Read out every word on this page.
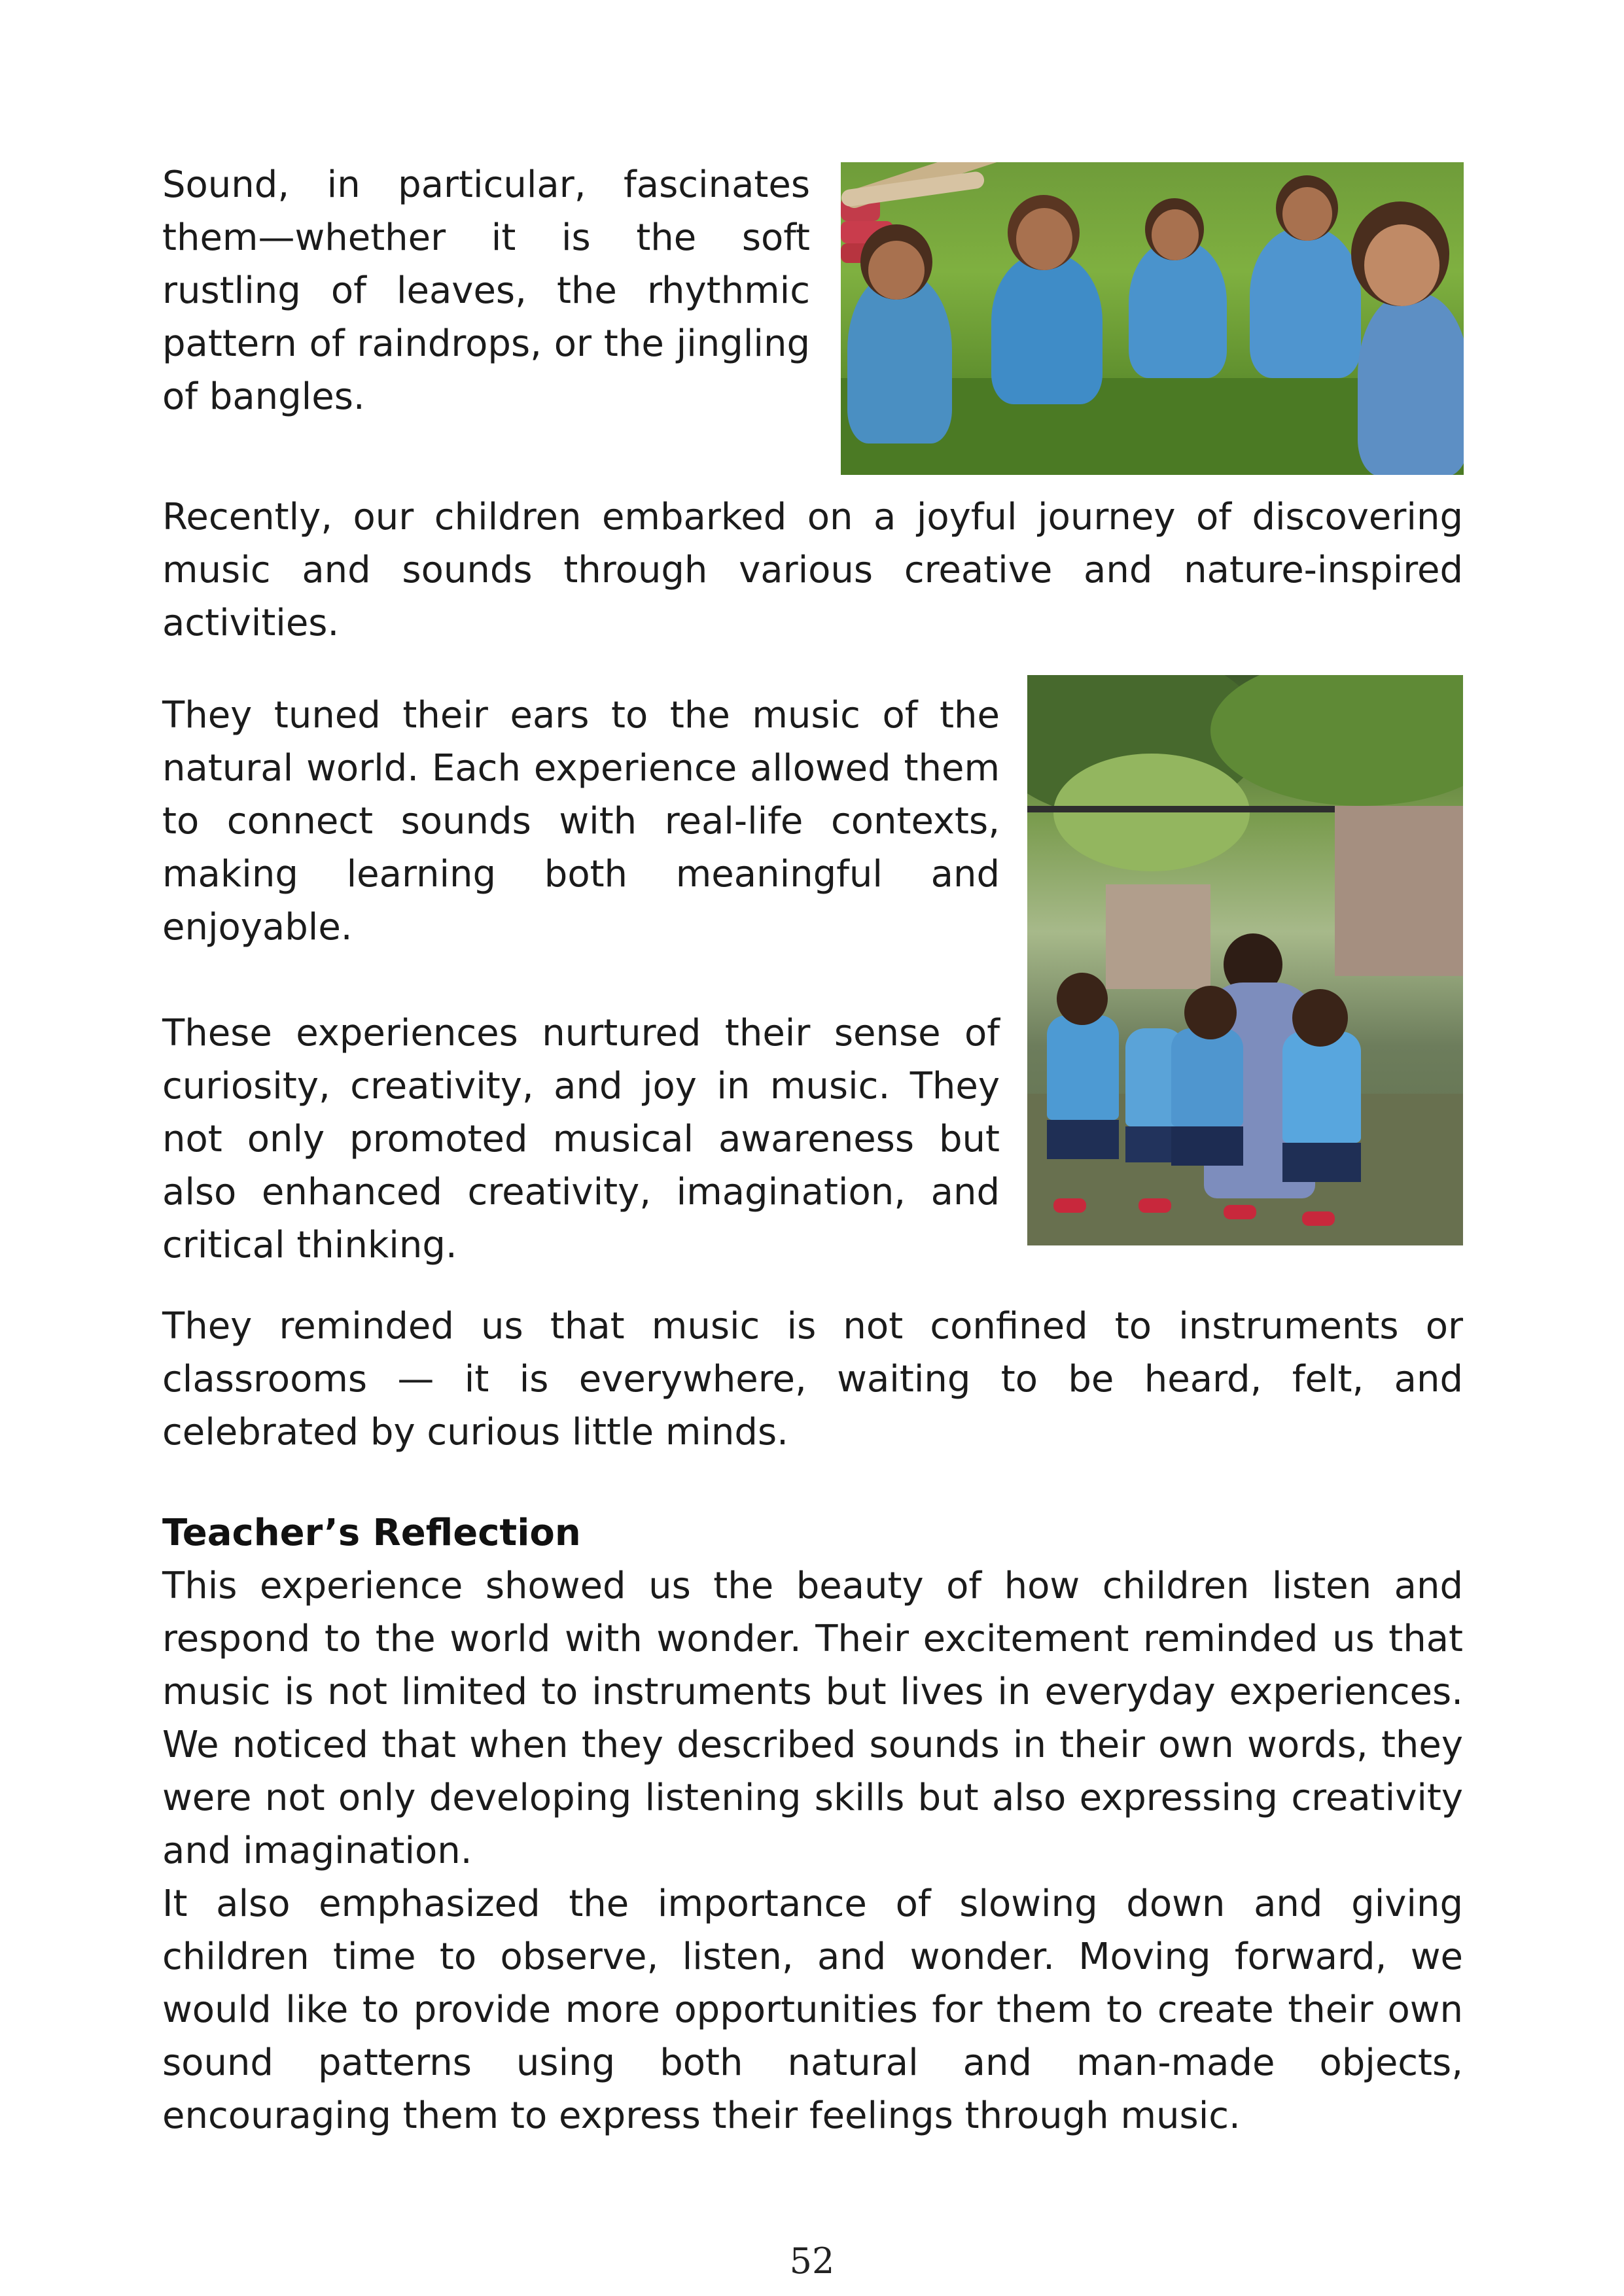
Sound, in particular, fascinates them—whether it is the soft rustling of leaves, the rhythmic pattern of raindrops, or the jingling of bangles.

Recently, our children embarked on a joyful journey of discovering music and sounds through various creative and nature-inspired activities.

They tuned their ears to the music of the natural world. Each experience allowed them to connect sounds with real-life contexts, making learning both meaningful and enjoyable.

These experiences nurtured their sense of curiosity, creativity, and joy in music. They not only promoted musical awareness but also enhanced creativity, imagination, and critical thinking.

They reminded us that music is not confined to instruments or classrooms — it is everywhere, waiting to be heard, felt, and celebrated by curious little minds.

Teacher’s Reflection

This experience showed us the beauty of how children listen and respond to the world with wonder. Their excitement reminded us that music is not limited to instruments but lives in everyday experiences. We noticed that when they described sounds in their own words, they were not only developing listening skills but also expressing creativity and imagination.

It also emphasized the importance of slowing down and giving children time to observe, listen, and wonder. Moving forward, we would like to provide more opportunities for them to create their own sound patterns using both natural and man-made objects, encouraging them to express their feelings through music.

52
